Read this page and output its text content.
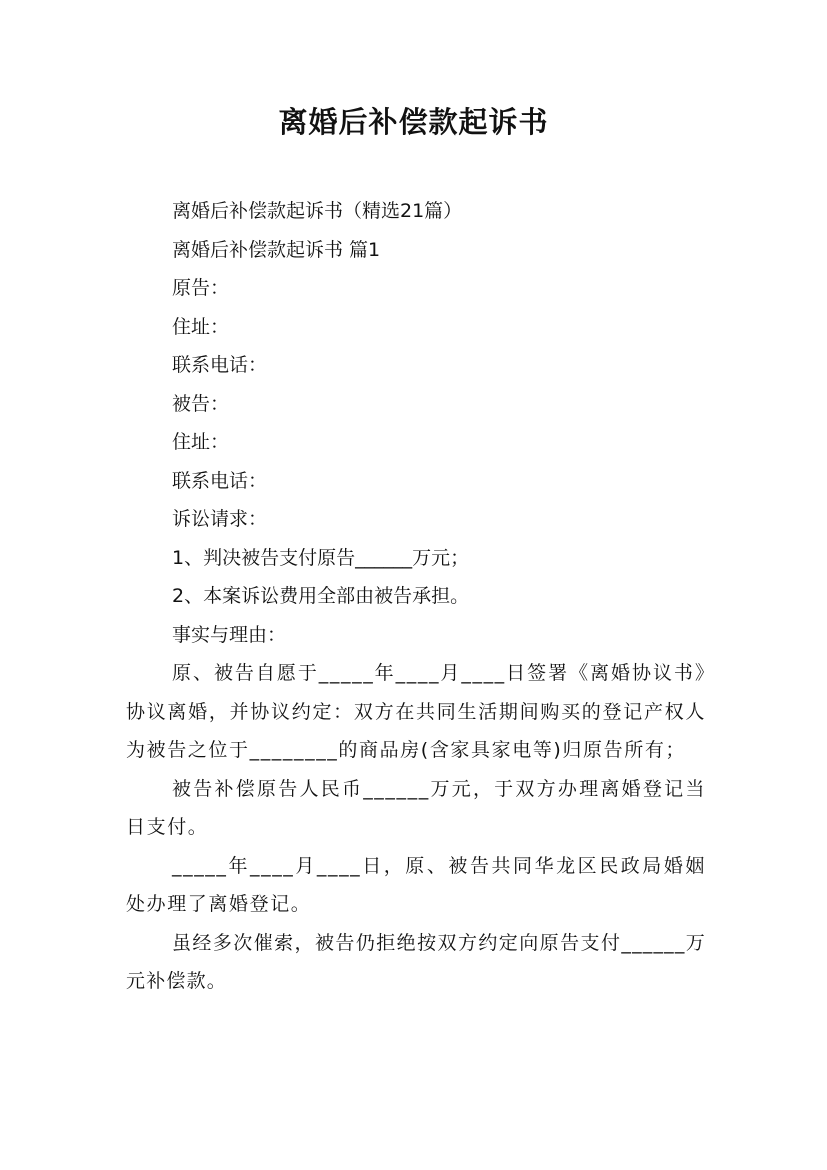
离婚后补偿款起诉书

离婚后补偿款起诉书（精选21篇）

离婚后补偿款起诉书 篇1

原告：

住址：

联系电话：

被告：

住址：

联系电话：

诉讼请求：

1、判决被告支付原告______万元；

2、本案诉讼费用全部由被告承担。

事实与理由：

原、被告自愿于_____年____月____日签署《离婚协议书》协议离婚，并协议约定：双方在共同生活期间购买的登记产权人为被告之位于________的商品房(含家具家电等)归原告所有；

被告补偿原告人民币______万元，于双方办理离婚登记当日支付。

_____年____月____日，原、被告共同华龙区民政局婚姻处办理了离婚登记。

虽经多次催索，被告仍拒绝按双方约定向原告支付______万元补偿款。
